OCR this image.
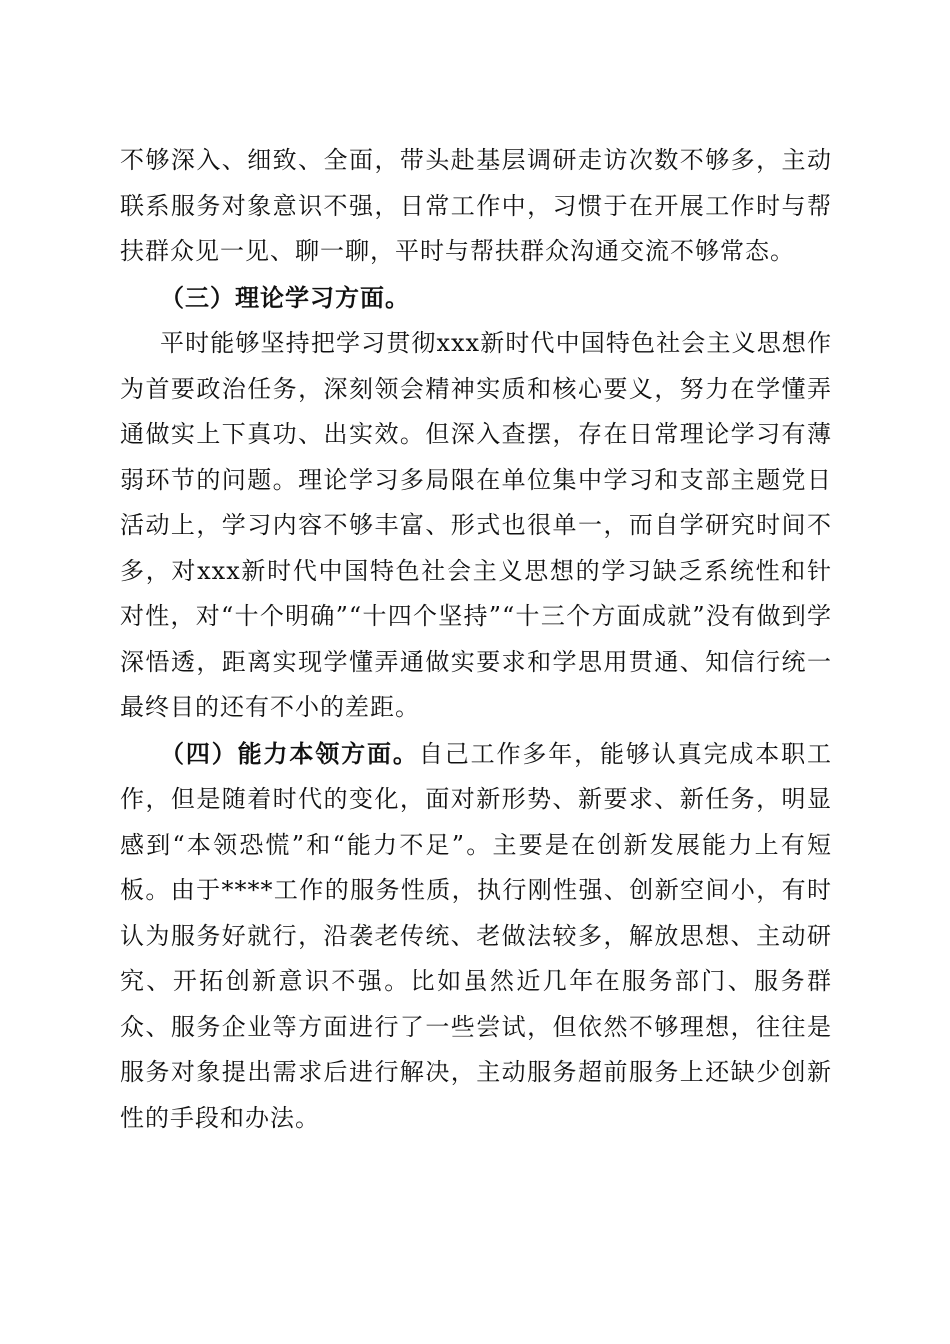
不够深入、细致、全面，带头赴基层调研走访次数不够多，主动联系服务对象意识不强，日常工作中，习惯于在开展工作时与帮扶群众见一见、聊一聊，平时与帮扶群众沟通交流不够常态。

（三）理论学习方面。

平时能够坚持把学习贯彻xxx新时代中国特色社会主义思想作为首要政治任务，深刻领会精神实质和核心要义，努力在学懂弄通做实上下真功、出实效。但深入查摆，存在日常理论学习有薄弱环节的问题。理论学习多局限在单位集中学习和支部主题党日活动上，学习内容不够丰富、形式也很单一，而自学研究时间不多，对xxx新时代中国特色社会主义思想的学习缺乏系统性和针对性，对“十个明确”“十四个坚持”“十三个方面成就”没有做到学深悟透，距离实现学懂弄通做实要求和学思用贯通、知信行统一最终目的还有不小的差距。

（四）能力本领方面。自己工作多年，能够认真完成本职工作，但是随着时代的变化，面对新形势、新要求、新任务，明显感到“本领恐慌”和“能力不足”。主要是在创新发展能力上有短板。由于****工作的服务性质，执行刚性强、创新空间小，有时认为服务好就行，沿袭老传统、老做法较多，解放思想、主动研究、开拓创新意识不强。比如虽然近几年在服务部门、服务群众、服务企业等方面进行了一些尝试，但依然不够理想，往往是服务对象提出需求后进行解决，主动服务超前服务上还缺少创新性的手段和办法。
